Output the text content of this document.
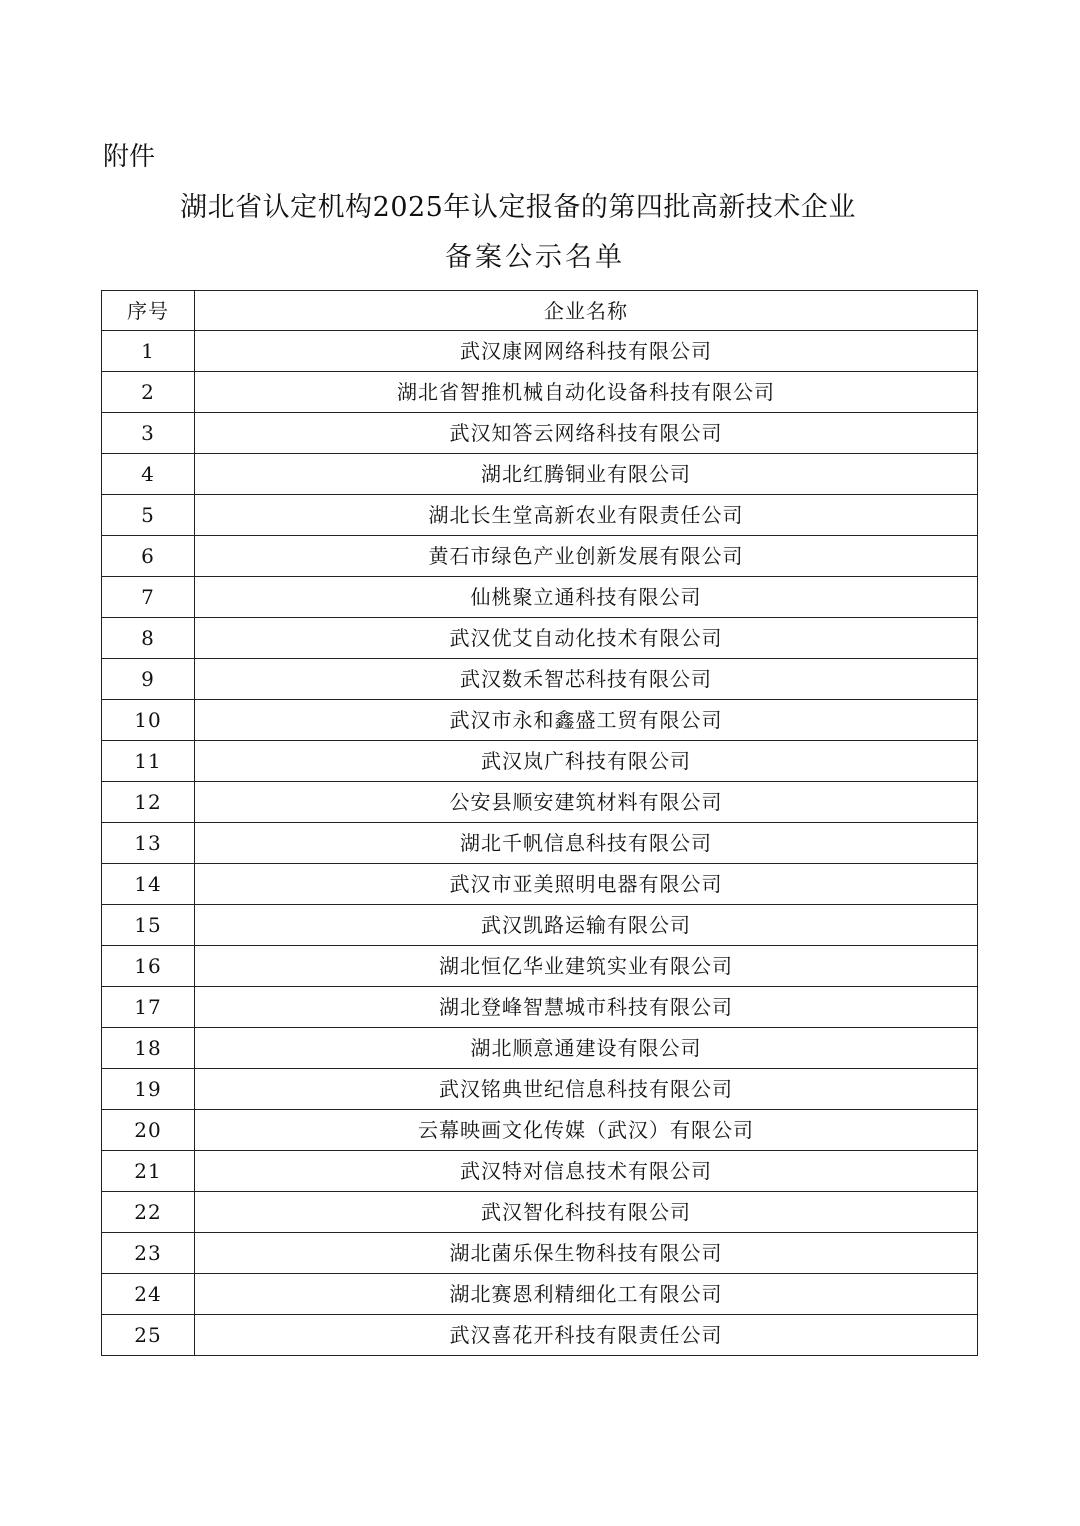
附件
湖北省认定机构2025年认定报备的第四批高新技术企业
备案公示名单
序号	企业名称
1	武汉康网网络科技有限公司
2	湖北省智推机械自动化设备科技有限公司
3	武汉知答云网络科技有限公司
4	湖北红腾铜业有限公司
5	湖北长生堂高新农业有限责任公司
6	黄石市绿色产业创新发展有限公司
7	仙桃聚立通科技有限公司
8	武汉优艾自动化技术有限公司
9	武汉数禾智芯科技有限公司
10	武汉市永和鑫盛工贸有限公司
11	武汉岚广科技有限公司
12	公安县顺安建筑材料有限公司
13	湖北千帆信息科技有限公司
14	武汉市亚美照明电器有限公司
15	武汉凯路运输有限公司
16	湖北恒亿华业建筑实业有限公司
17	湖北登峰智慧城市科技有限公司
18	湖北顺意通建设有限公司
19	武汉铭典世纪信息科技有限公司
20	云幕映画文化传媒（武汉）有限公司
21	武汉特对信息技术有限公司
22	武汉智化科技有限公司
23	湖北菌乐保生物科技有限公司
24	湖北赛恩利精细化工有限公司
25	武汉喜花开科技有限责任公司
